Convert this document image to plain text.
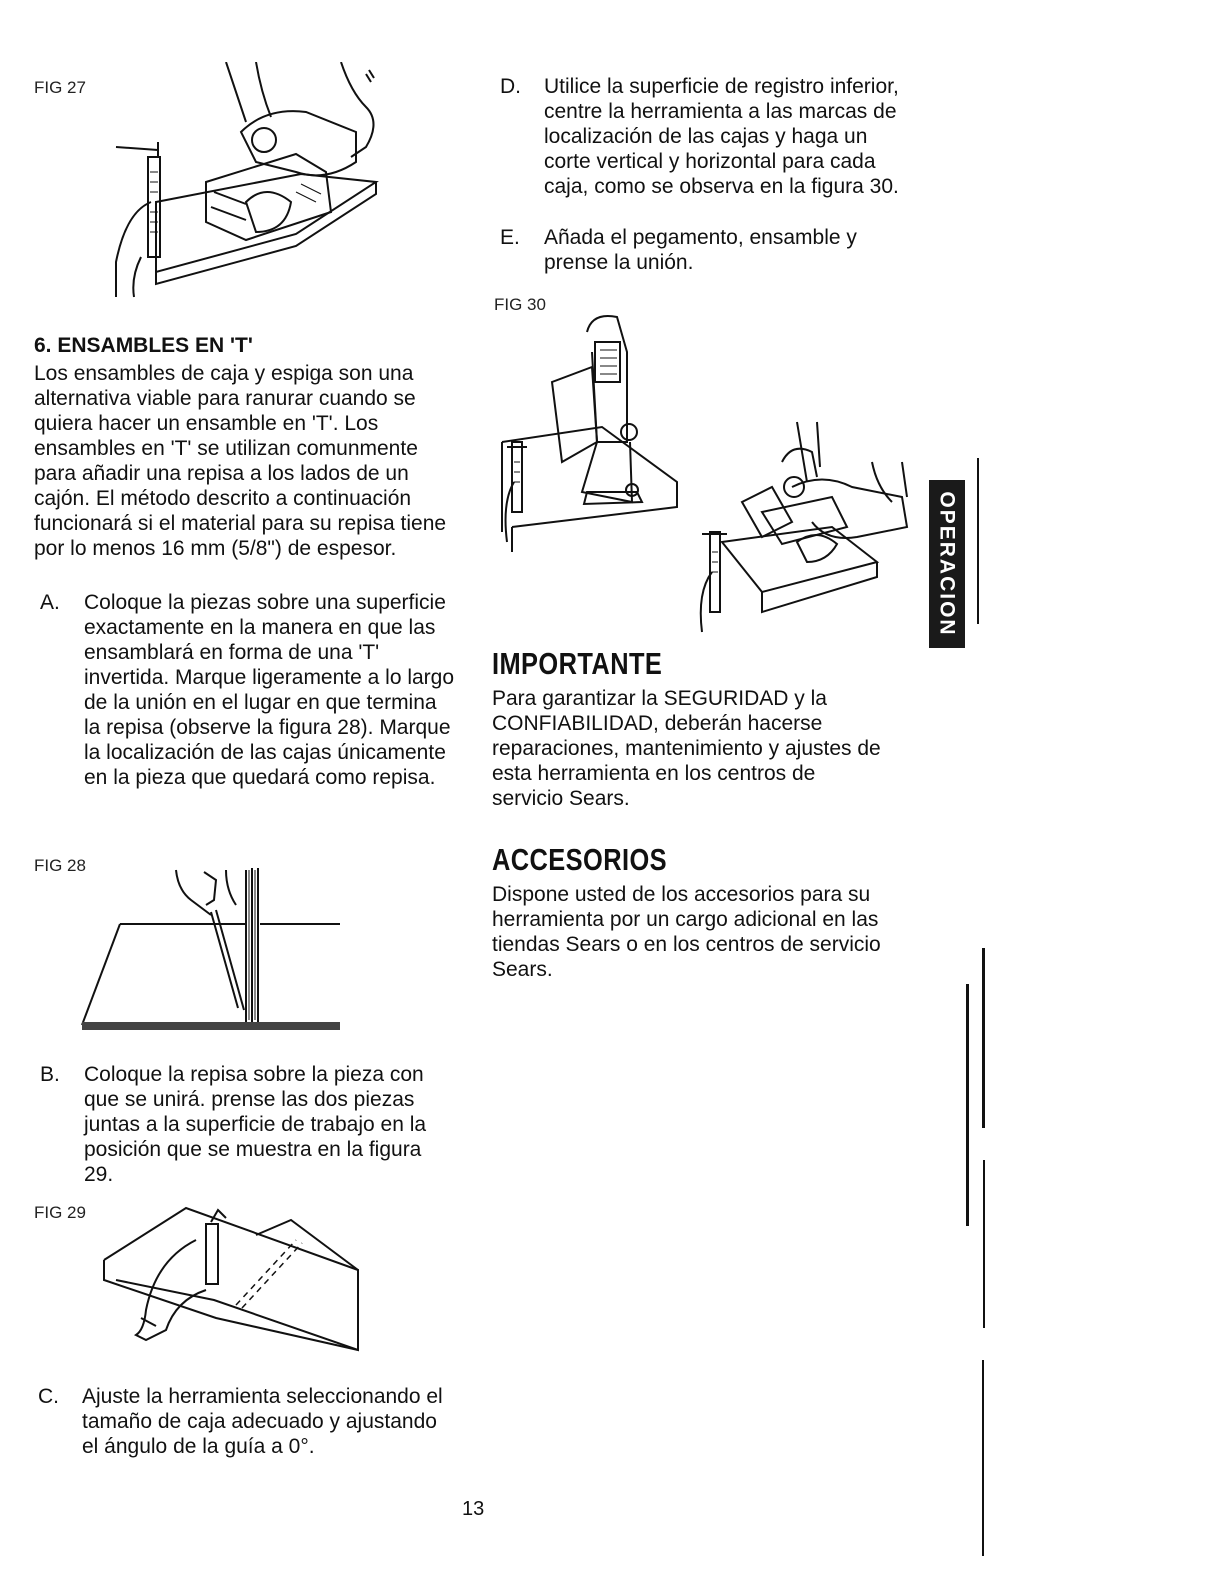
FIG 27
6. ENSAMBLES EN 'T'
Los ensambles de caja y espiga son una alternativa viable para ranurar cuando se quiera hacer un ensamble en 'T'. Los ensambles en 'T' se utilizan comunmente para añadir una repisa a los lados de un cajón. El método descrito a continuación funcionará si el material para su repisa tiene por lo menos 16 mm (5/8") de espesor.
A. Coloque la piezas sobre una superficie exactamente en la manera en que las ensamblará en forma de una 'T' invertida. Marque ligeramente a lo largo de la unión en el lugar en que termina la repisa (observe la figura 28). Marque la localización de las cajas únicamente en la pieza que quedará como repisa.
FIG 28
B. Coloque la repisa sobre la pieza con que se unirá. prense las dos piezas juntas a la superficie de trabajo en la posición que se muestra en la figura 29.
FIG 29
C. Ajuste la herramienta seleccionando el tamaño de caja adecuado y ajustando el ángulo de la guía a 0°.
13
D. Utilice la superficie de registro inferior, centre la herramienta a las marcas de localización de las cajas y haga un corte vertical y horizontal para cada caja, como se observa en la figura 30.
E. Añada el pegamento, ensamble y prense la unión.
FIG 30
IMPORTANTE
Para garantizar la SEGURIDAD y la CONFIABILIDAD, deberán hacerse reparaciones, mantenimiento y ajustes de esta herramienta en los centros de servicio Sears.
ACCESORIOS
Dispone usted de los accesorios para su herramienta por un cargo adicional en las tiendas Sears o en los centros de servicio Sears.
OPERACION
